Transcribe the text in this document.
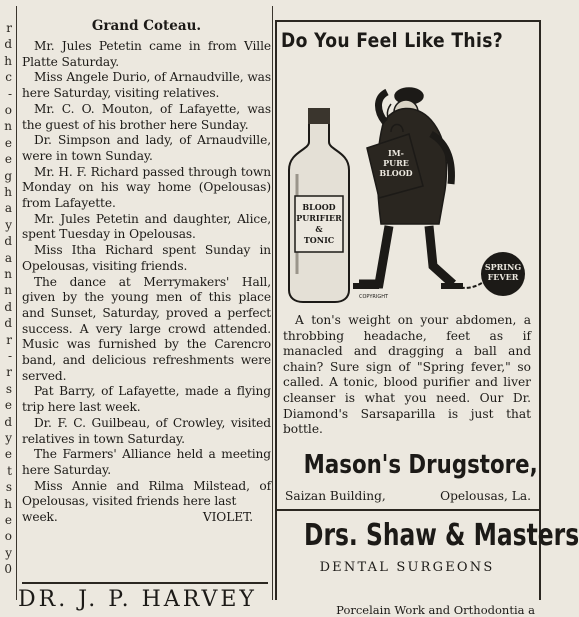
r
d
h
c
-
o
n
e
e
g
h
a
y
d
a
n
n
d
d
r
-
r
s
e
d
y
e
t
s
h
e
o
y
0
Grand Coteau.

Mr. Jules Petetin came in from Ville Platte Saturday.

Miss Angele Durio, of Arnaudville, was here Saturday, visiting relatives.

Mr. C. O. Mouton, of Lafayette, was the guest of his brother here Sunday.

Dr. Simpson and lady, of Arnaudville, were in town Sunday.

Mr. H. F. Richard passed through town Monday on his way home (Opelousas) from Lafayette.

Mr. Jules Petetin and daughter, Alice, spent Tuesday in Opelousas.

Miss Itha Richard spent Sunday in Opelousas, visiting friends.

The dance at Merrymakers' Hall, given by the young men of this place and Sunset, Saturday, proved a perfect success. A very large crowd attended. Music was furnished by the Carencro band, and delicious refreshments were served.

Pat Barry, of Lafayette, made a flying trip here last week.

Dr. F. C. Guilbeau, of Crowley, visited relatives in town Saturday.

The Farmers' Alliance held a meeting here Saturday.

Miss Annie and Rilma Milstead, of Opelousas, visited friends here last

week.	VIOLET.

DR. J. P. HARVEY
Do You Feel Like This?
BLOOD PURIFIER & TONIC
IM-PURE BLOOD
SPRING FEVER
COPYRIGHT

A ton's weight on your abdomen, a throbbing headache, feet as if manacled and dragging a ball and chain? Sure sign of "Spring fever," so called. A tonic, blood purifier and liver cleanser is what you need. Our Dr. Diamond's Sarsaparilla is just that bottle.

Mason's Drugstore,
Saizan Building,	Opelousas, La.
Drs. Shaw & Masters
DENTAL SURGEONS
Porcelain Work and Orthodontia a
